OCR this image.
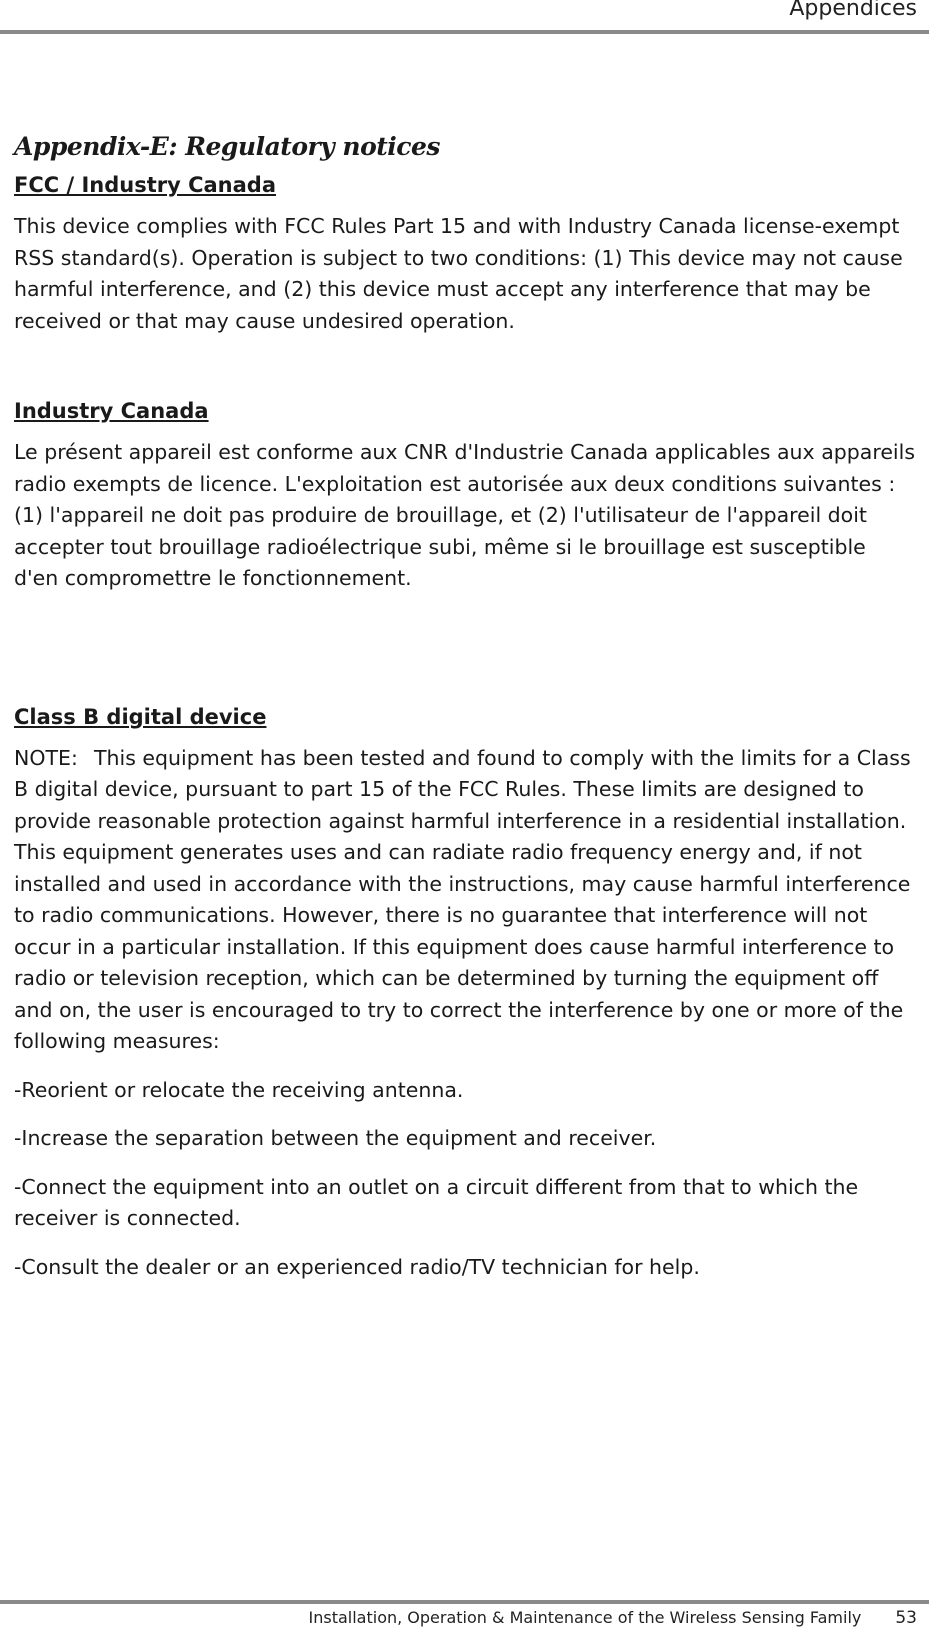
Appendices
Appendix-E: Regulatory notices
FCC / Industry Canada

This device complies with FCC Rules Part 15 and with Industry Canada license-exempt RSS standard(s). Operation is subject to two conditions: (1) This device may not cause harmful interference, and (2) this device must accept any interference that may be received or that may cause undesired operation.

Industry Canada

Le présent appareil est conforme aux CNR d'Industrie Canada applicables aux appareils radio exempts de licence. L'exploitation est autorisée aux deux conditions suivantes : (1) l'appareil ne doit pas produire de brouillage, et (2) l'utilisateur de l'appareil doit accepter tout brouillage radioélectrique subi, même si le brouillage est susceptible d'en compromettre le fonctionnement.

Class B digital device

NOTE: This equipment has been tested and found to comply with the limits for a Class B digital device, pursuant to part 15 of the FCC Rules. These limits are designed to provide reasonable protection against harmful interference in a residential installation. This equipment generates uses and can radiate radio frequency energy and, if not installed and used in accordance with the instructions, may cause harmful interference to radio communications. However, there is no guarantee that interference will not occur in a particular installation. If this equipment does cause harmful interference to radio or television reception, which can be determined by turning the equipment off and on, the user is encouraged to try to correct the interference by one or more of the following measures:

-Reorient or relocate the receiving antenna.

-Increase the separation between the equipment and receiver.

-Connect the equipment into an outlet on a circuit different from that to which the receiver is connected.

-Consult the dealer or an experienced radio/TV technician for help.

Installation, Operation & Maintenance of the Wireless Sensing Family 53
